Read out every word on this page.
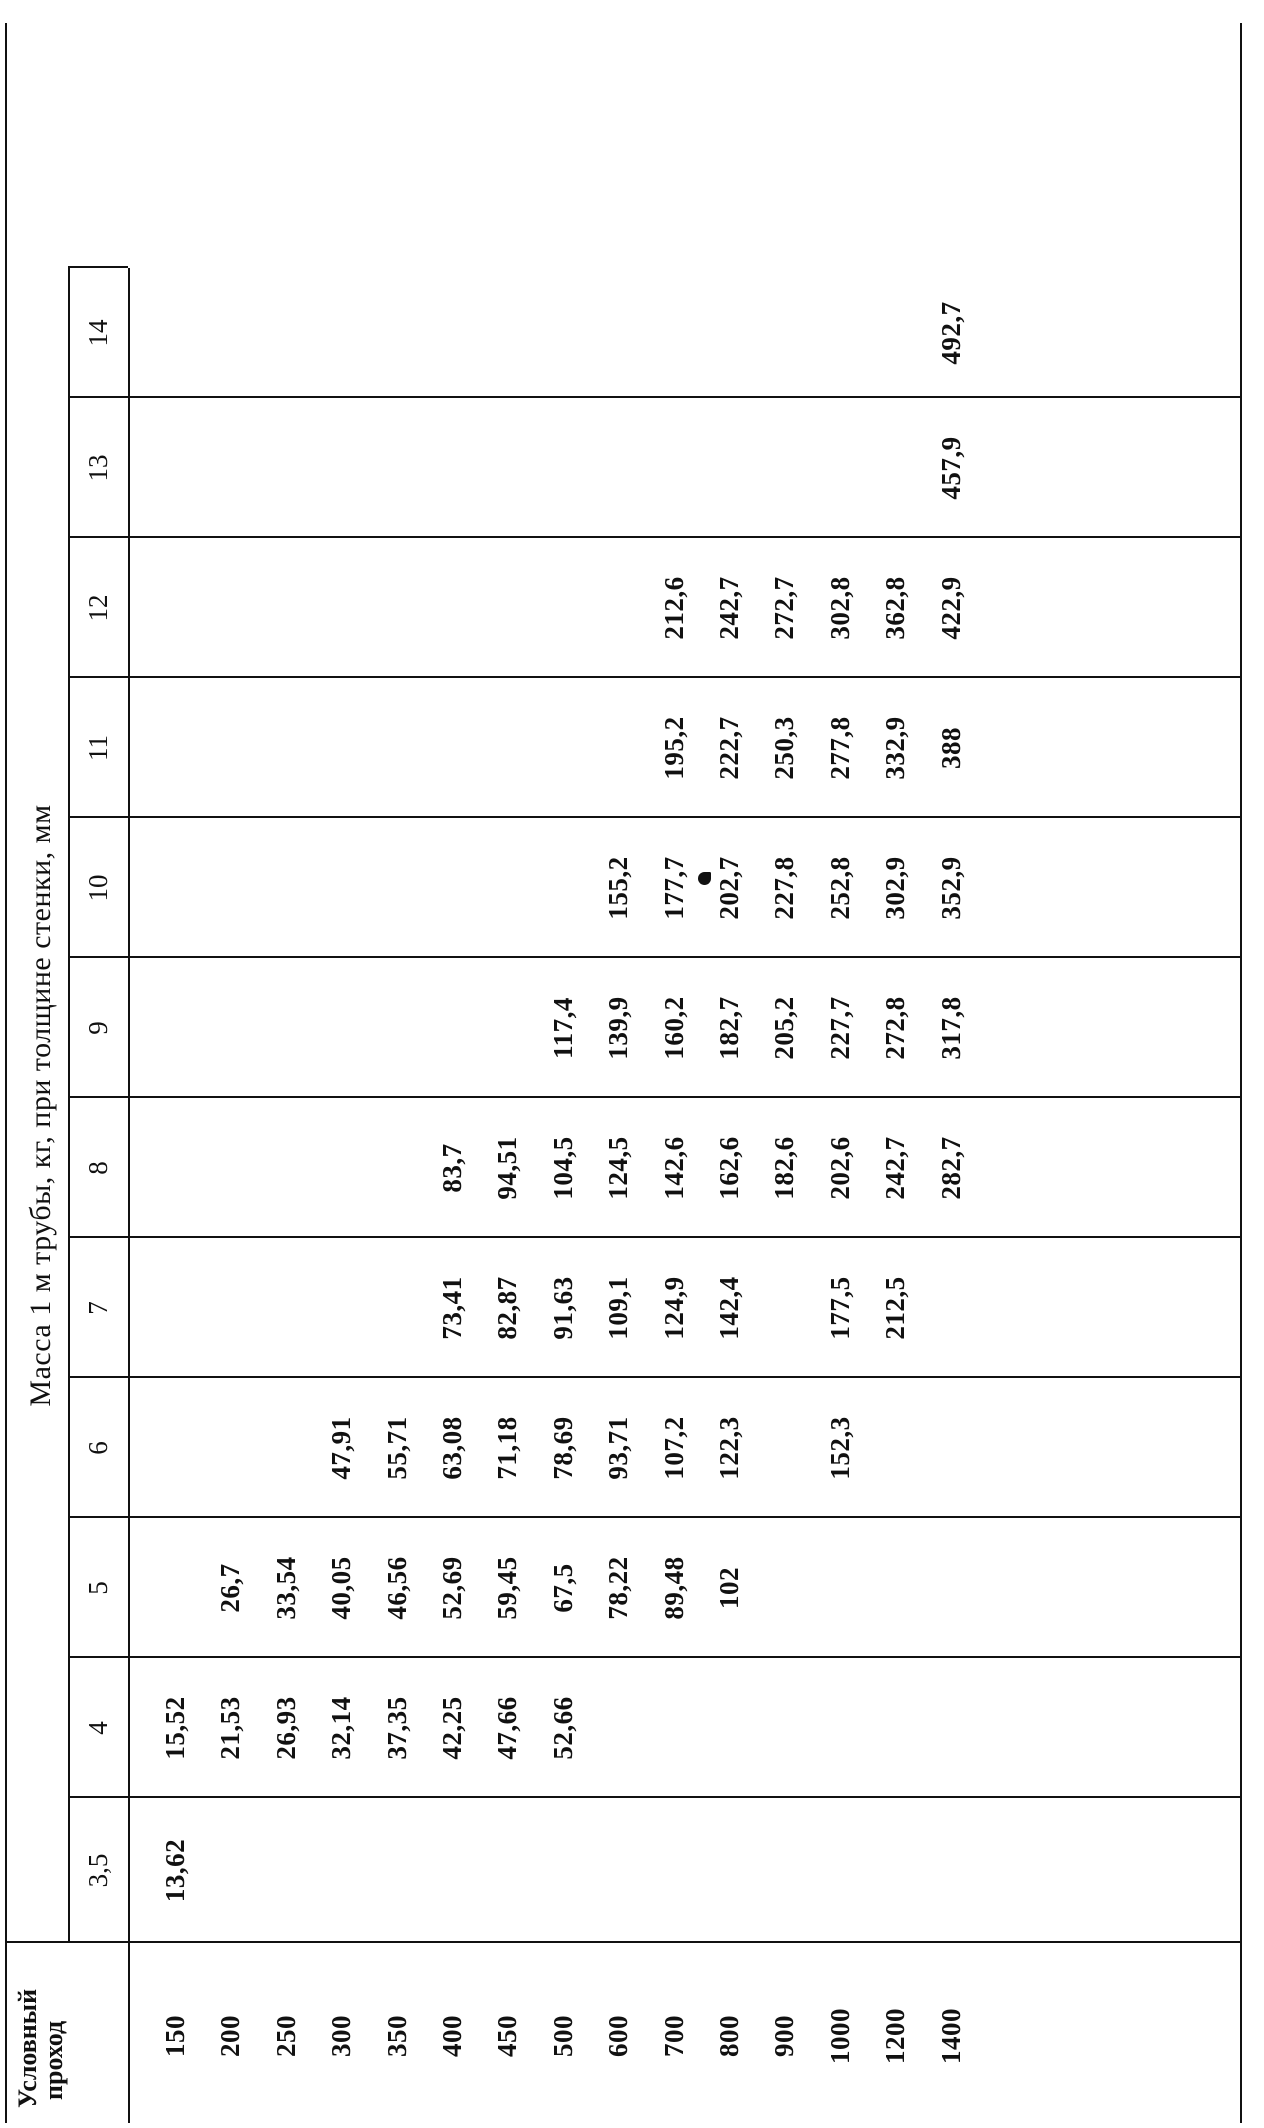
Масса 1 м трубы, кг, при толщине стенки, мм
Условный
проход
3,5
4
5
6
7
8
9
10
11
12
13
14
150
13,62
15,52
200
21,53
26,7
250
26,93
33,54
300
32,14
40,05
47,91
350
37,35
46,56
55,71
400
42,25
52,69
63,08
73,41
83,7
450
47,66
59,45
71,18
82,87
94,51
500
52,66
67,5
78,69
91,63
104,5
117,4
600
78,22
93,71
109,1
124,5
139,9
155,2
700
89,48
107,2
124,9
142,6
160,2
177,7
195,2
212,6
800
102
122,3
142,4
162,6
182,7
202,7
222,7
242,7
900
182,6
205,2
227,8
250,3
272,7
1000
152,3
177,5
202,6
227,7
252,8
277,8
302,8
1200
212,5
242,7
272,8
302,9
332,9
362,8
1400
282,7
317,8
352,9
388
422,9
457,9
492,7
